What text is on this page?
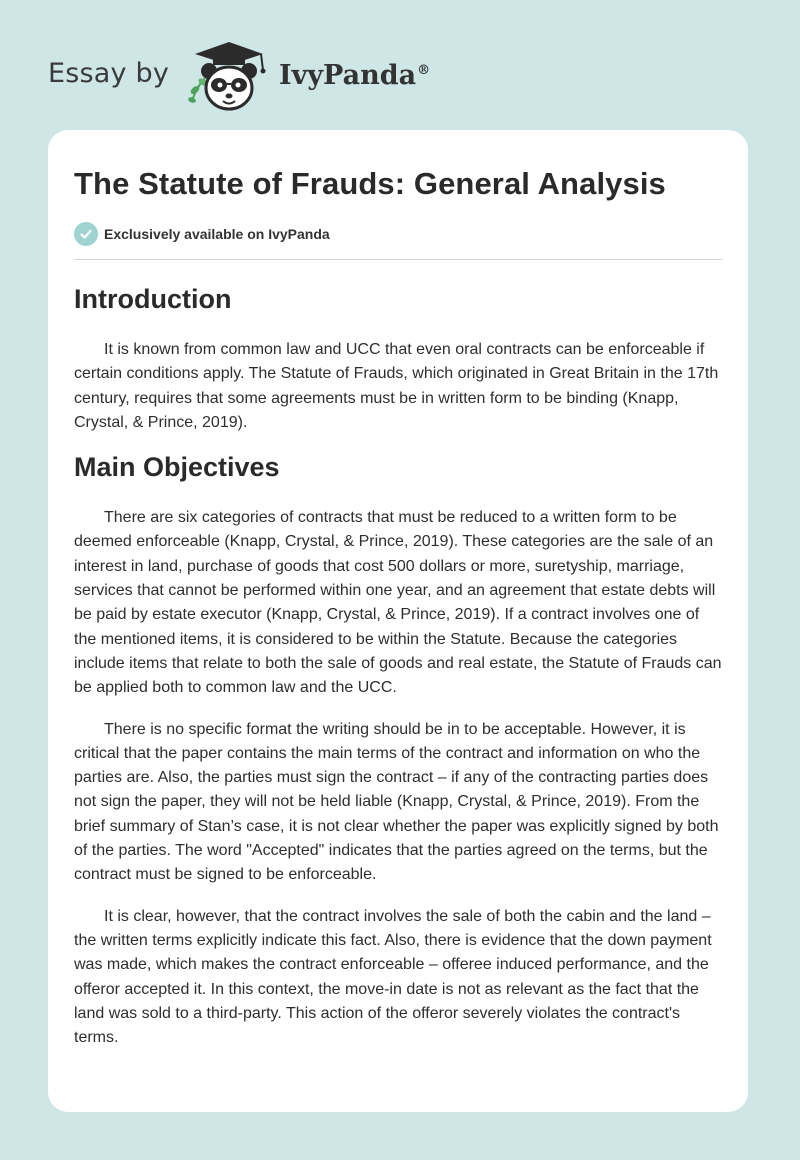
Essay by	IvyPanda®
The Statute of Frauds: General Analysis
Exclusively available on IvyPanda
Introduction

It is known from common law and UCC that even oral contracts can be enforceable if certain conditions apply. The Statute of Frauds, which originated in Great Britain in the 17th century, requires that some agreements must be in written form to be binding (Knapp, Crystal, & Prince, 2019).

Main Objectives

There are six categories of contracts that must be reduced to a written form to be deemed enforceable (Knapp, Crystal, & Prince, 2019). These categories are the sale of an interest in land, purchase of goods that cost 500 dollars or more, suretyship, marriage, services that cannot be performed within one year, and an agreement that estate debts will be paid by estate executor (Knapp, Crystal, & Prince, 2019). If a contract involves one of the mentioned items, it is considered to be within the Statute. Because the categories include items that relate to both the sale of goods and real estate, the Statute of Frauds can be applied both to common law and the UCC.

There is no specific format the writing should be in to be acceptable. However, it is critical that the paper contains the main terms of the contract and information on who the parties are. Also, the parties must sign the contract – if any of the contracting parties does not sign the paper, they will not be held liable (Knapp, Crystal, & Prince, 2019). From the brief summary of Stan’s case, it is not clear whether the paper was explicitly signed by both of the parties. The word "Accepted" indicates that the parties agreed on the terms, but the contract must be signed to be enforceable.

It is clear, however, that the contract involves the sale of both the cabin and the land – the written terms explicitly indicate this fact. Also, there is evidence that the down payment was made, which makes the contract enforceable – offeree induced performance, and the offeror accepted it. In this context, the move-in date is not as relevant as the fact that the land was sold to a third-party. This action of the offeror severely violates the contract's terms.
